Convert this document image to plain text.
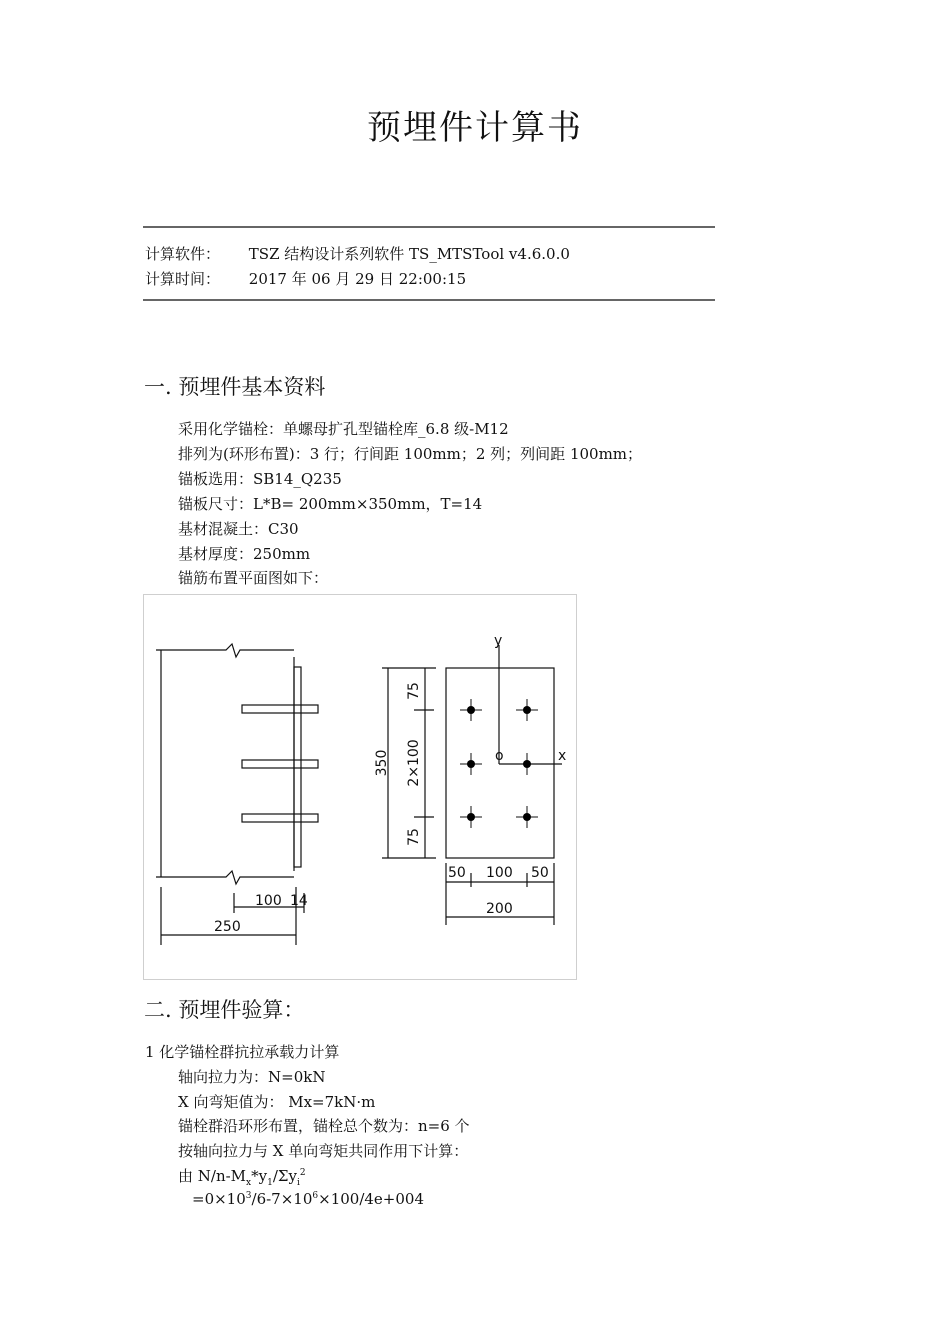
预埋件计算书
计算软件： TSZ 结构设计系列软件 TS_MTSTool v4.6.0.0
计算时间： 2017 年 06 月 29 日 22:00:15
一. 预埋件基本资料
采用化学锚栓：单螺母扩孔型锚栓库_6.8 级-M12
排列为(环形布置)：3 行；行间距 100mm；2 列；列间距 100mm；
锚板选用：SB14_Q235
锚板尺寸：L*B= 200mm×350mm，T=14
基材混凝土：C30
基材厚度：250mm
锚筋布置平面图如下：
100 14
250
350
75
2×100
75
50 100 50
200
y
x
o
二. 预埋件验算：
1 化学锚栓群抗拉承载力计算
轴向拉力为：N=0kN
X 向弯矩值为： Mx=7kN·m
锚栓群沿环形布置，锚栓总个数为：n=6 个
按轴向拉力与 X 单向弯矩共同作用下计算：
由 $N/n-M_x*y_1/\Sigma y_i^2$
$=0\times 10^3/6-7\times 10^6\times 100/4e+004$
